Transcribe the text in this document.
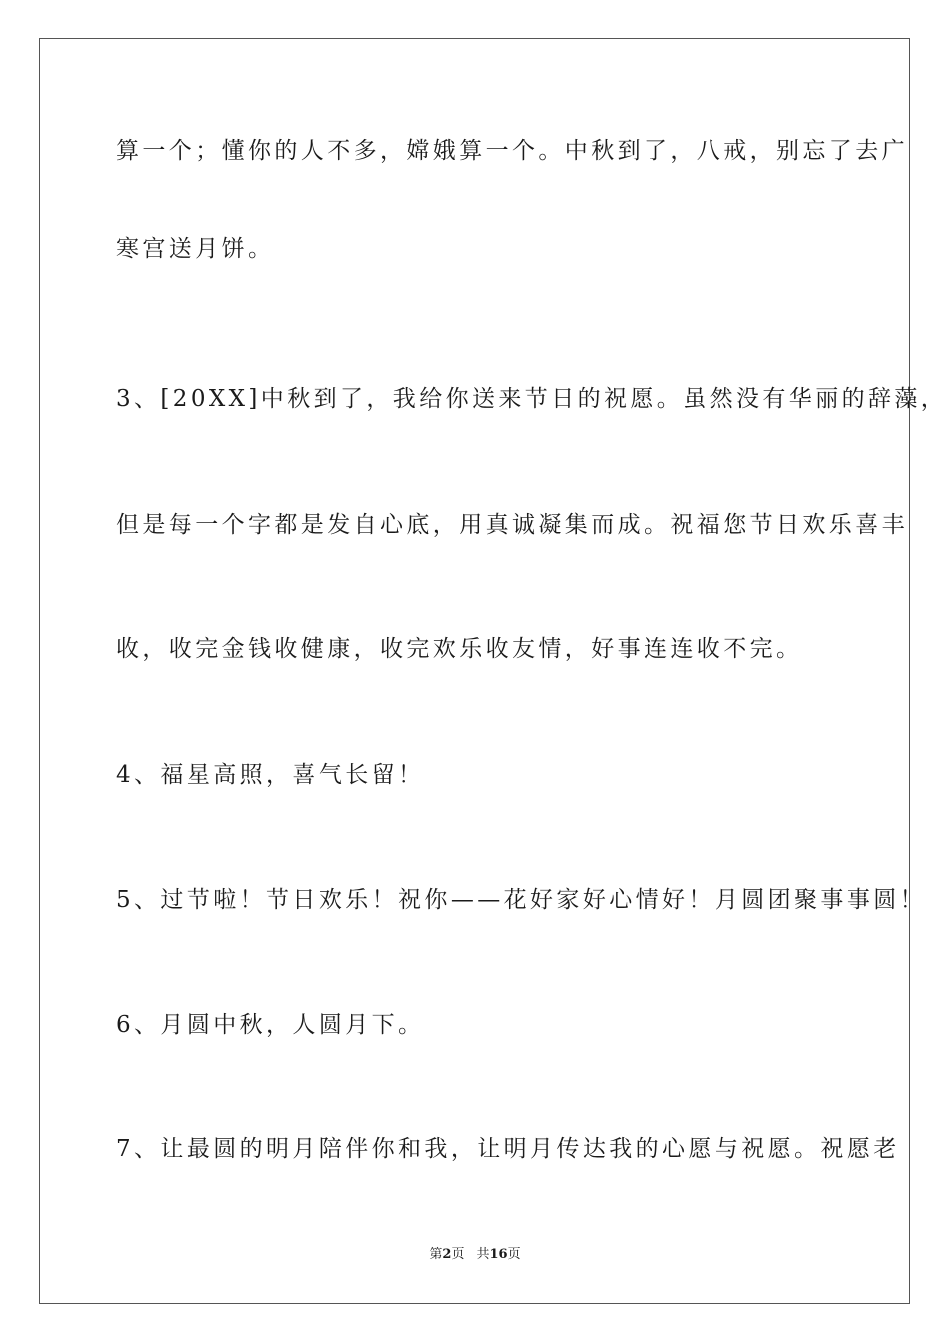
算一个；懂你的人不多，嫦娥算一个。中秋到了，八戒，别忘了去广
寒宫送月饼。
3、[20XX]中秋到了，我给你送来节日的祝愿。虽然没有华丽的辞藻，
但是每一个字都是发自心底，用真诚凝集而成。祝福您节日欢乐喜丰
收，收完金钱收健康，收完欢乐收友情，好事连连收不完。
4、福星高照，喜气长留！
5、过节啦！节日欢乐！祝你——花好家好心情好！月圆团聚事事圆！
6、月圆中秋，人圆月下。
7、让最圆的明月陪伴你和我，让明月传达我的心愿与祝愿。祝愿老
第2页 共16页
